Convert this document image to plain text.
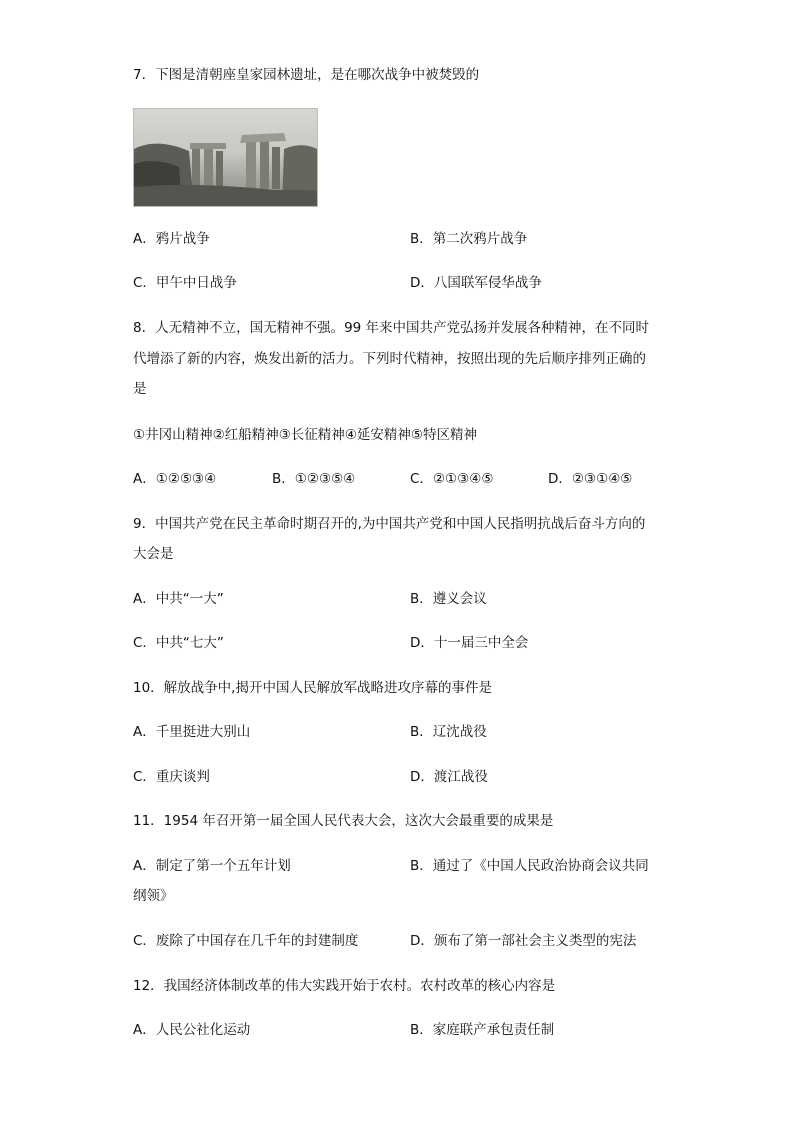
7．下图是清朝座皇家园林遗址，是在哪次战争中被焚毁的
A．鸦片战争	B．第二次鸦片战争
C．甲午中日战争	D．八国联军侵华战争
8．人无精神不立，国无精神不强。99 年来中国共产党弘扬并发展各种精神，在不同时
代增添了新的内容，焕发出新的活力。下列时代精神，按照出现的先后顺序排列正确的
是
①井冈山精神②红船精神③长征精神④延安精神⑤特区精神
A．①②⑤③④	B．①②③⑤④	C．②①③④⑤	D．②③①④⑤
9．中国共产党在民主革命时期召开的,为中国共产党和中国人民指明抗战后奋斗方向的
大会是
A．中共“一大”	B．遵义会议
C．中共“七大”	D．十一届三中全会
10．解放战争中,揭开中国人民解放军战略进攻序幕的事件是
A．千里挺进大别山	B．辽沈战役
C．重庆谈判	D．渡江战役
11．1954 年召开第一届全国人民代表大会，这次大会最重要的成果是
A．制定了第一个五年计划	B．通过了《中国人民政治协商会议共同
纲领》
C．废除了中国存在几千年的封建制度	D．颁布了第一部社会主义类型的宪法
12．我国经济体制改革的伟大实践开始于农村。农村改革的核心内容是
A．人民公社化运动	B．家庭联产承包责任制
